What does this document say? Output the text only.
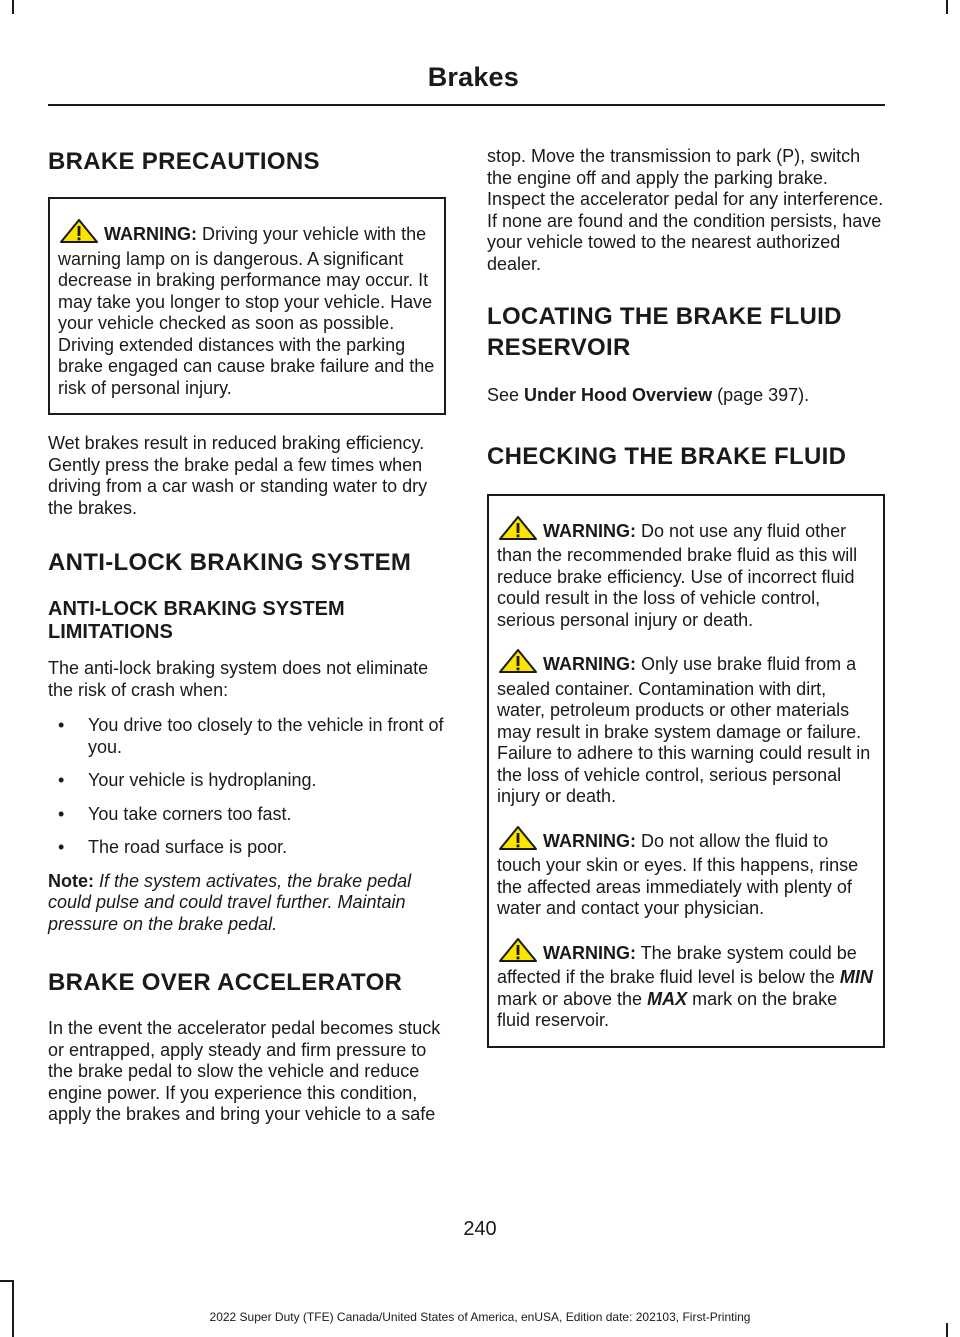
Brakes
BRAKE PRECAUTIONS
WARNING: Driving your vehicle with the warning lamp on is dangerous. A significant decrease in braking performance may occur. It may take you longer to stop your vehicle. Have your vehicle checked as soon as possible. Driving extended distances with the parking brake engaged can cause brake failure and the risk of personal injury.

Wet brakes result in reduced braking efficiency. Gently press the brake pedal a few times when driving from a car wash or standing water to dry the brakes.

ANTI-LOCK BRAKING SYSTEM
ANTI-LOCK BRAKING SYSTEM LIMITATIONS

The anti-lock braking system does not eliminate the risk of crash when:

• You drive too closely to the vehicle in front of you.
• Your vehicle is hydroplaning.
• You take corners too fast.
• The road surface is poor.

Note: If the system activates, the brake pedal could pulse and could travel further. Maintain pressure on the brake pedal.

BRAKE OVER ACCELERATOR

In the event the accelerator pedal becomes stuck or entrapped, apply steady and firm pressure to the brake pedal to slow the vehicle and reduce engine power. If you experience this condition, apply the brakes and bring your vehicle to a safe

stop. Move the transmission to park (P), switch the engine off and apply the parking brake. Inspect the accelerator pedal for any interference. If none are found and the condition persists, have your vehicle towed to the nearest authorized dealer.

LOCATING THE BRAKE FLUID RESERVOIR

See Under Hood Overview (page 397).

CHECKING THE BRAKE FLUID
WARNING: Do not use any fluid other than the recommended brake fluid as this will reduce brake efficiency. Use of incorrect fluid could result in the loss of vehicle control, serious personal injury or death.
WARNING: Only use brake fluid from a sealed container. Contamination with dirt, water, petroleum products or other materials may result in brake system damage or failure. Failure to adhere to this warning could result in the loss of vehicle control, serious personal injury or death.
WARNING: Do not allow the fluid to touch your skin or eyes. If this happens, rinse the affected areas immediately with plenty of water and contact your physician.
WARNING: The brake system could be affected if the brake fluid level is below the MIN mark or above the MAX mark on the brake fluid reservoir.
240
2022 Super Duty (TFE) Canada/United States of America, enUSA, Edition date: 202103, First-Printing
